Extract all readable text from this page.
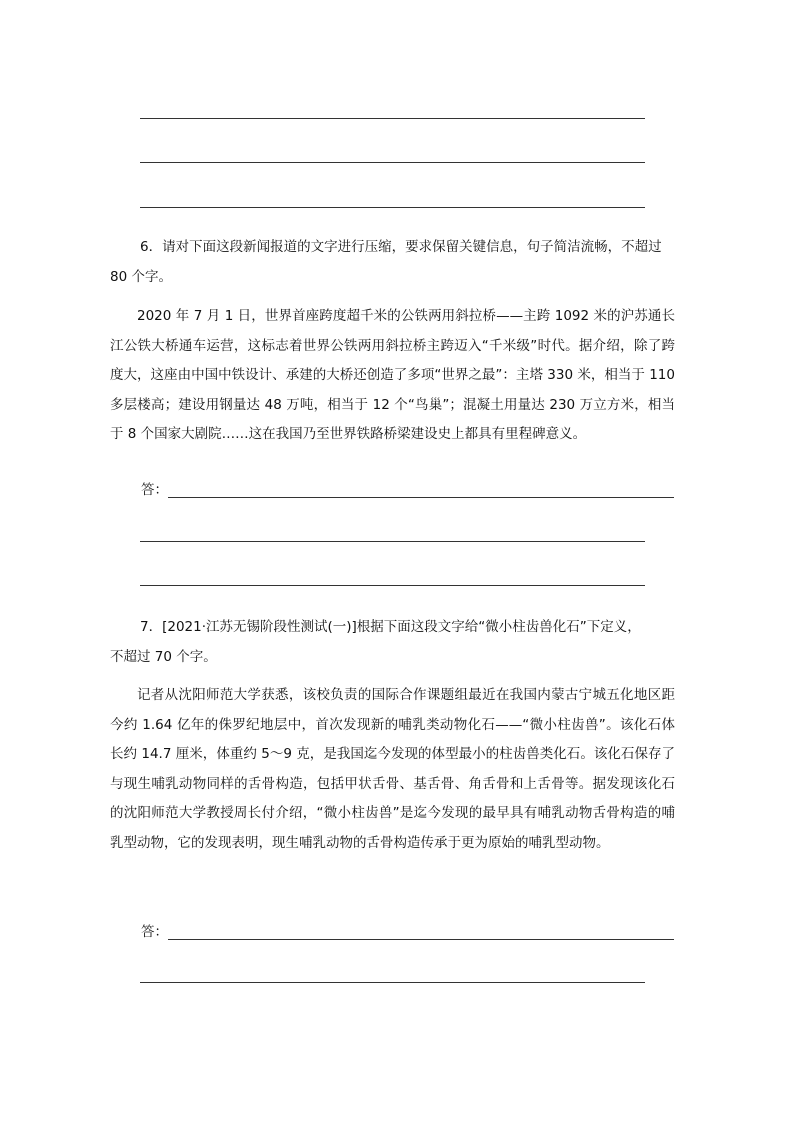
6．请对下面这段新闻报道的文字进行压缩，要求保留关键信息，句子简洁流畅，不超过
80 个字。

2020 年 7 月 1 日，世界首座跨度超千米的公铁两用斜拉桥——主跨 1092 米的沪苏通长江公铁大桥通车运营，这标志着世界公铁两用斜拉桥主跨迈入“千米级”时代。据介绍，除了跨度大，这座由中国中铁设计、承建的大桥还创造了多项“世界之最”：主塔 330 米，相当于 110 多层楼高；建设用钢量达 48 万吨，相当于 12 个“鸟巢”；混凝土用量达 230 万立方米，相当于 8 个国家大剧院……这在我国乃至世界铁路桥梁建设史上都具有里程碑意义。

答：

7．[2021·江苏无锡阶段性测试(一)]根据下面这段文字给“微小柱齿兽化石”下定义，
不超过 70 个字。

记者从沈阳师范大学获悉，该校负责的国际合作课题组最近在我国内蒙古宁城五化地区距今约 1.64 亿年的侏罗纪地层中，首次发现新的哺乳类动物化石——“微小柱齿兽”。该化石体长约 14.7 厘米，体重约 5～9 克，是我国迄今发现的体型最小的柱齿兽类化石。该化石保存了与现生哺乳动物同样的舌骨构造，包括甲状舌骨、基舌骨、角舌骨和上舌骨等。据发现该化石的沈阳师范大学教授周长付介绍，“微小柱齿兽”是迄今发现的最早具有哺乳动物舌骨构造的哺乳型动物，它的发现表明，现生哺乳动物的舌骨构造传承于更为原始的哺乳型动物。

答：
